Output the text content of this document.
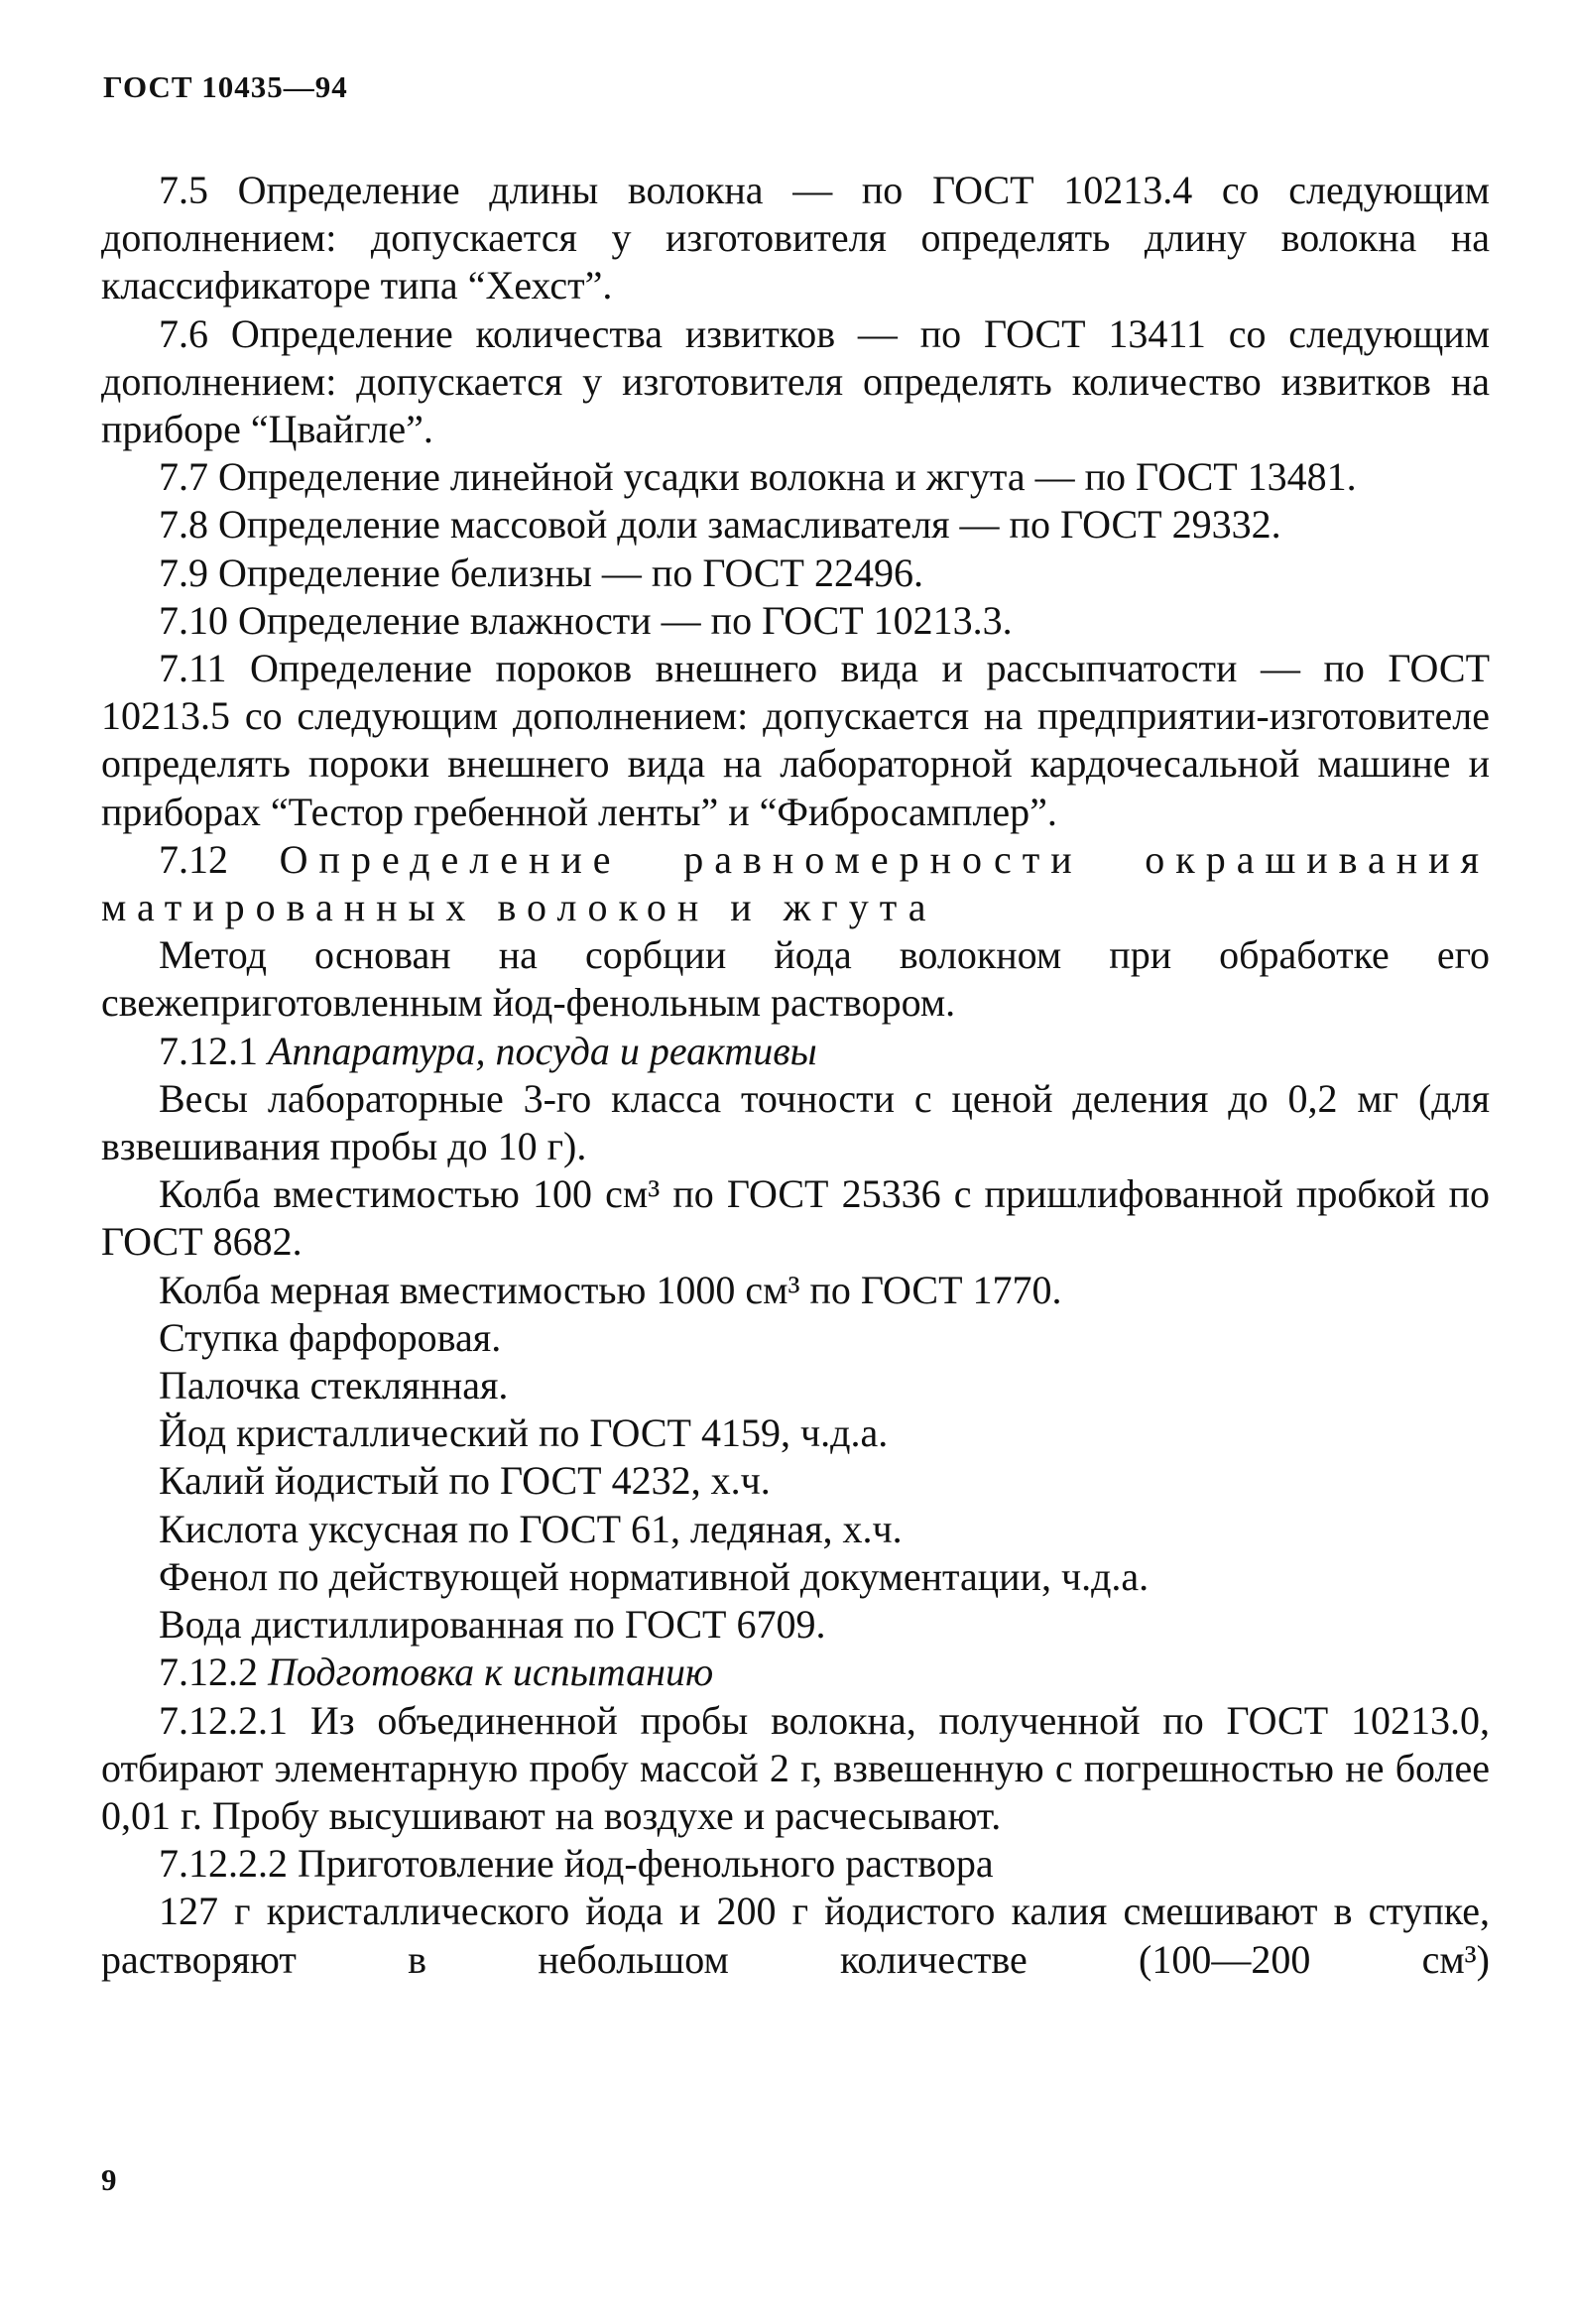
ГОСТ 10435—94

7.5 Определение длины волокна — по ГОСТ 10213.4 со следующим дополнением: допускается у изготовителя определять длину волокна на классификаторе типа “Хехст”.

7.6 Определение количества извитков — по ГОСТ 13411 со следующим дополнением: допускается у изготовителя определять количество извитков на приборе “Цвайгле”.

7.7 Определение линейной усадки волокна и жгута — по ГОСТ 13481.

7.8 Определение массовой доли замасливателя — по ГОСТ 29332.

7.9 Определение белизны — по ГОСТ 22496.

7.10 Определение влажности — по ГОСТ 10213.3.

7.11 Определение пороков внешнего вида и рассыпчатости — по ГОСТ 10213.5 со следующим дополнением: допускается на предприятии-изготовителе определять пороки внешнего вида на лабораторной кардочесальной машине и приборах “Тестор гребенной ленты” и “Фибросамплер”.

7.12 Определение равномерности окрашивания матированных волокон и жгута

Метод основан на сорбции йода волокном при обработке его свежеприготовленным йод-фенольным раствором.

7.12.1 Аппаратура, посуда и реактивы

Весы лабораторные 3-го класса точности с ценой деления до 0,2 мг (для взвешивания пробы до 10 г).

Колба вместимостью 100 см³ по ГОСТ 25336 с пришлифованной пробкой по ГОСТ 8682.

Колба мерная вместимостью 1000 см³ по ГОСТ 1770.

Ступка фарфоровая.

Палочка стеклянная.

Йод кристаллический по ГОСТ 4159, ч.д.а.

Калий йодистый по ГОСТ 4232, х.ч.

Кислота уксусная по ГОСТ 61, ледяная, х.ч.

Фенол по действующей нормативной документации, ч.д.а.

Вода дистиллированная по ГОСТ 6709.

7.12.2 Подготовка к испытанию

7.12.2.1 Из объединенной пробы волокна, полученной по ГОСТ 10213.0, отбирают элементарную пробу массой 2 г, взвешенную с погрешностью не более 0,01 г. Пробу высушивают на воздухе и расчесывают.

7.12.2.2 Приготовление йод-фенольного раствора

127 г кристаллического йода и 200 г йодистого калия смешивают в ступке, растворяют в небольшом количестве (100—200 см³)

9
